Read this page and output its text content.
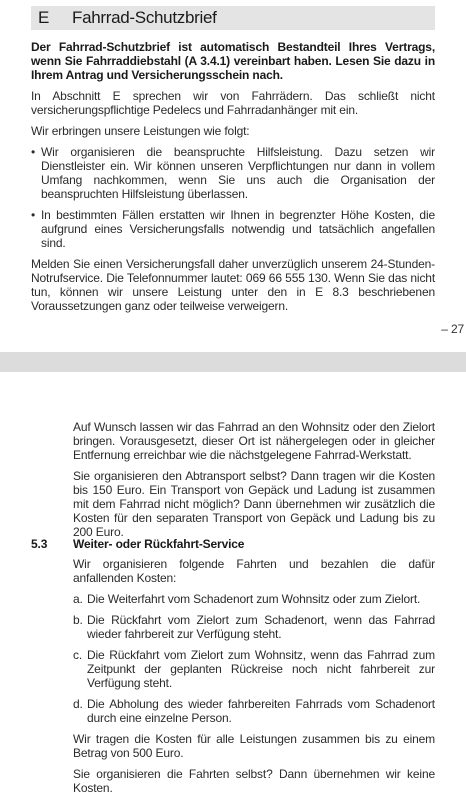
E	Fahrrad-Schutzbrief

Der Fahrrad-Schutzbrief ist automatisch Bestandteil Ihres Vertrags, wenn Sie Fahrraddiebstahl (A 3.4.1) vereinbart haben. Lesen Sie dazu in Ihrem Antrag und Versicherungsschein nach.

In Abschnitt E sprechen wir von Fahrrädern. Das schließt nicht versicherungspflichtige Pedelecs und Fahrradanhänger mit ein.

Wir erbringen unsere Leistungen wie folgt:

• Wir organisieren die beanspruchte Hilfsleistung. Dazu setzen wir Dienstleister ein. Wir können unseren Verpflichtungen nur dann in vollem Umfang nachkommen, wenn Sie uns auch die Organisation der beanspruchten Hilfsleistung überlassen.
• In bestimmten Fällen erstatten wir Ihnen in begrenzter Höhe Kosten, die aufgrund eines Versicherungsfalls notwendig und tatsächlich angefallen sind.

Melden Sie einen Versicherungsfall daher unverzüglich unserem 24-Stunden-Notrufservice. Die Telefonnummer lautet: 069 66 555 130. Wenn Sie das nicht tun, können wir unsere Leistung unter den in E 8.3 beschriebenen Voraussetzungen ganz oder teilweise verweigern.

– 27

Auf Wunsch lassen wir das Fahrrad an den Wohnsitz oder den Zielort bringen. Vorausgesetzt, dieser Ort ist nähergelegen oder in gleicher Entfernung erreichbar wie die nächstgelegene Fahrrad-Werkstatt.

Sie organisieren den Abtransport selbst? Dann tragen wir die Kosten bis 150 Euro. Ein Transport von Gepäck und Ladung ist zusammen mit dem Fahrrad nicht möglich? Dann übernehmen wir zusätzlich die Kosten für den separaten Transport von Gepäck und Ladung bis zu 200 Euro.

5.3	Weiter- oder Rückfahrt-Service

Wir organisieren folgende Fahrten und bezahlen die dafür anfallenden Kosten:

a. Die Weiterfahrt vom Schadenort zum Wohnsitz oder zum Zielort.
b. Die Rückfahrt vom Zielort zum Schadenort, wenn das Fahrrad wieder fahrbereit zur Verfügung steht.
c. Die Rückfahrt vom Zielort zum Wohnsitz, wenn das Fahrrad zum Zeitpunkt der geplanten Rückreise noch nicht fahrbereit zur Verfügung steht.
d. Die Abholung des wieder fahrbereiten Fahrrads vom Schadenort durch eine einzelne Person.

Wir tragen die Kosten für alle Leistungen zusammen bis zu einem Betrag von 500 Euro.

Sie organisieren die Fahrten selbst? Dann übernehmen wir keine Kosten.
